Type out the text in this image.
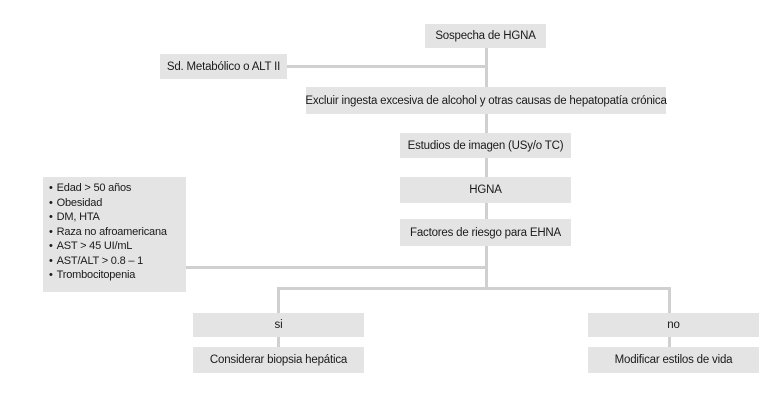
Sospecha de HGNA
Sd. Metabólico o ALT II
Excluir ingesta excesiva de alcohol y otras causas de hepatopatía crónica
Estudios de imagen (USy/o TC)
HGNA
Factores de riesgo para EHNA
• Edad > 50 años
• Obesidad
• DM, HTA
• Raza no afroamericana
• AST > 45 UI/mL
• AST/ALT > 0.8 – 1
• Trombocitopenia
si	no
Considerar biopsia hepática	Modificar estilos de vida
